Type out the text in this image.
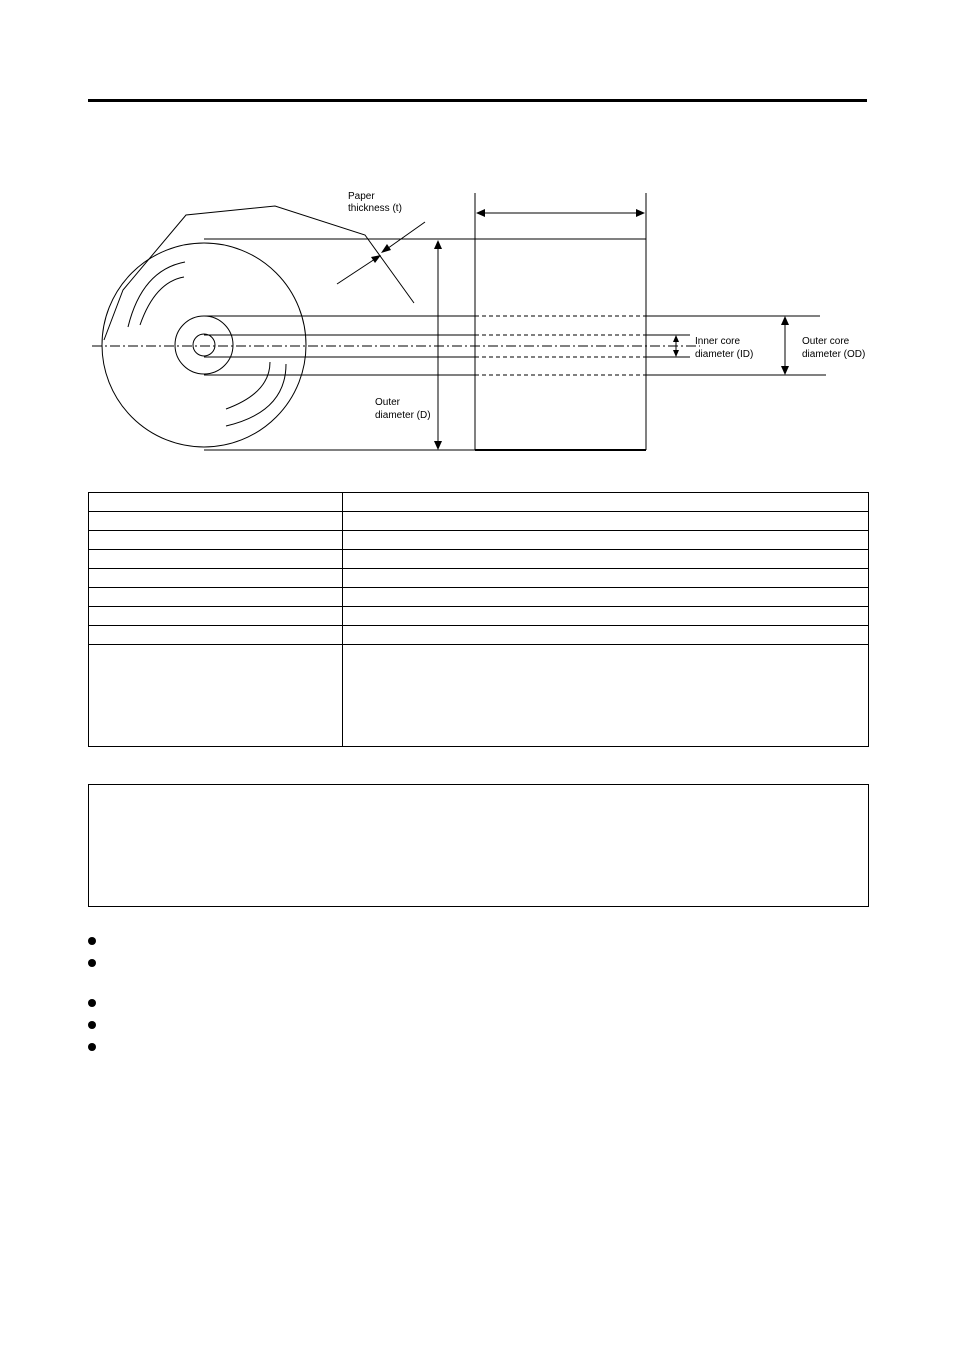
Paper
thickness (t)
Inner core
diameter (ID)
Outer core
diameter (OD)
Outer
diameter (D)
